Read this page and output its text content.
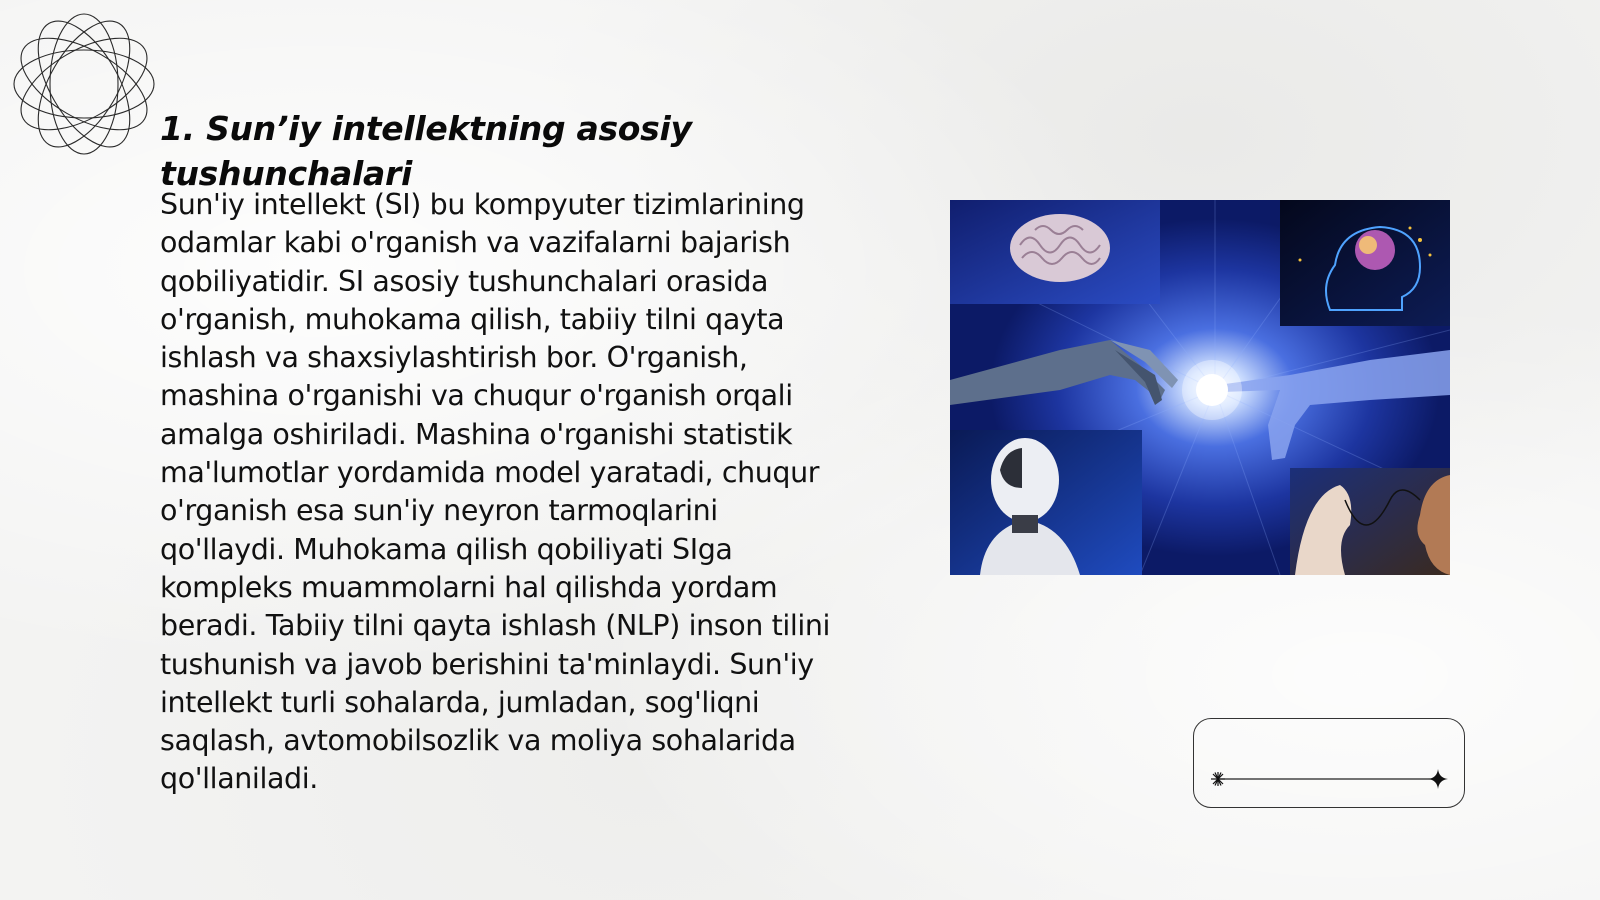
1. Sun’iy intellektning asosiy tushunchalari

Sun'iy intellekt (SI) bu kompyuter tizimlarining odamlar kabi o'rganish va vazifalarni bajarish qobiliyatidir. SI asosiy tushunchalari orasida o'rganish, muhokama qilish, tabiiy tilni qayta ishlash va shaxsiylashtirish bor. O'rganish, mashina o'rganishi va chuqur o'rganish orqali amalga oshiriladi. Mashina o'rganishi statistik ma'lumotlar yordamida model yaratadi, chuqur o'rganish esa sun'iy neyron tarmoqlarini qo'llaydi. Muhokama qilish qobiliyati SIga kompleks muammolarni hal qilishda yordam beradi. Tabiiy tilni qayta ishlash (NLP) inson tilini tushunish va javob berishini ta'minlaydi. Sun'iy intellekt turli sohalarda, jumladan, sog'liqni saqlash, avtomobilsozlik va moliya sohalarida qo'llaniladi.
